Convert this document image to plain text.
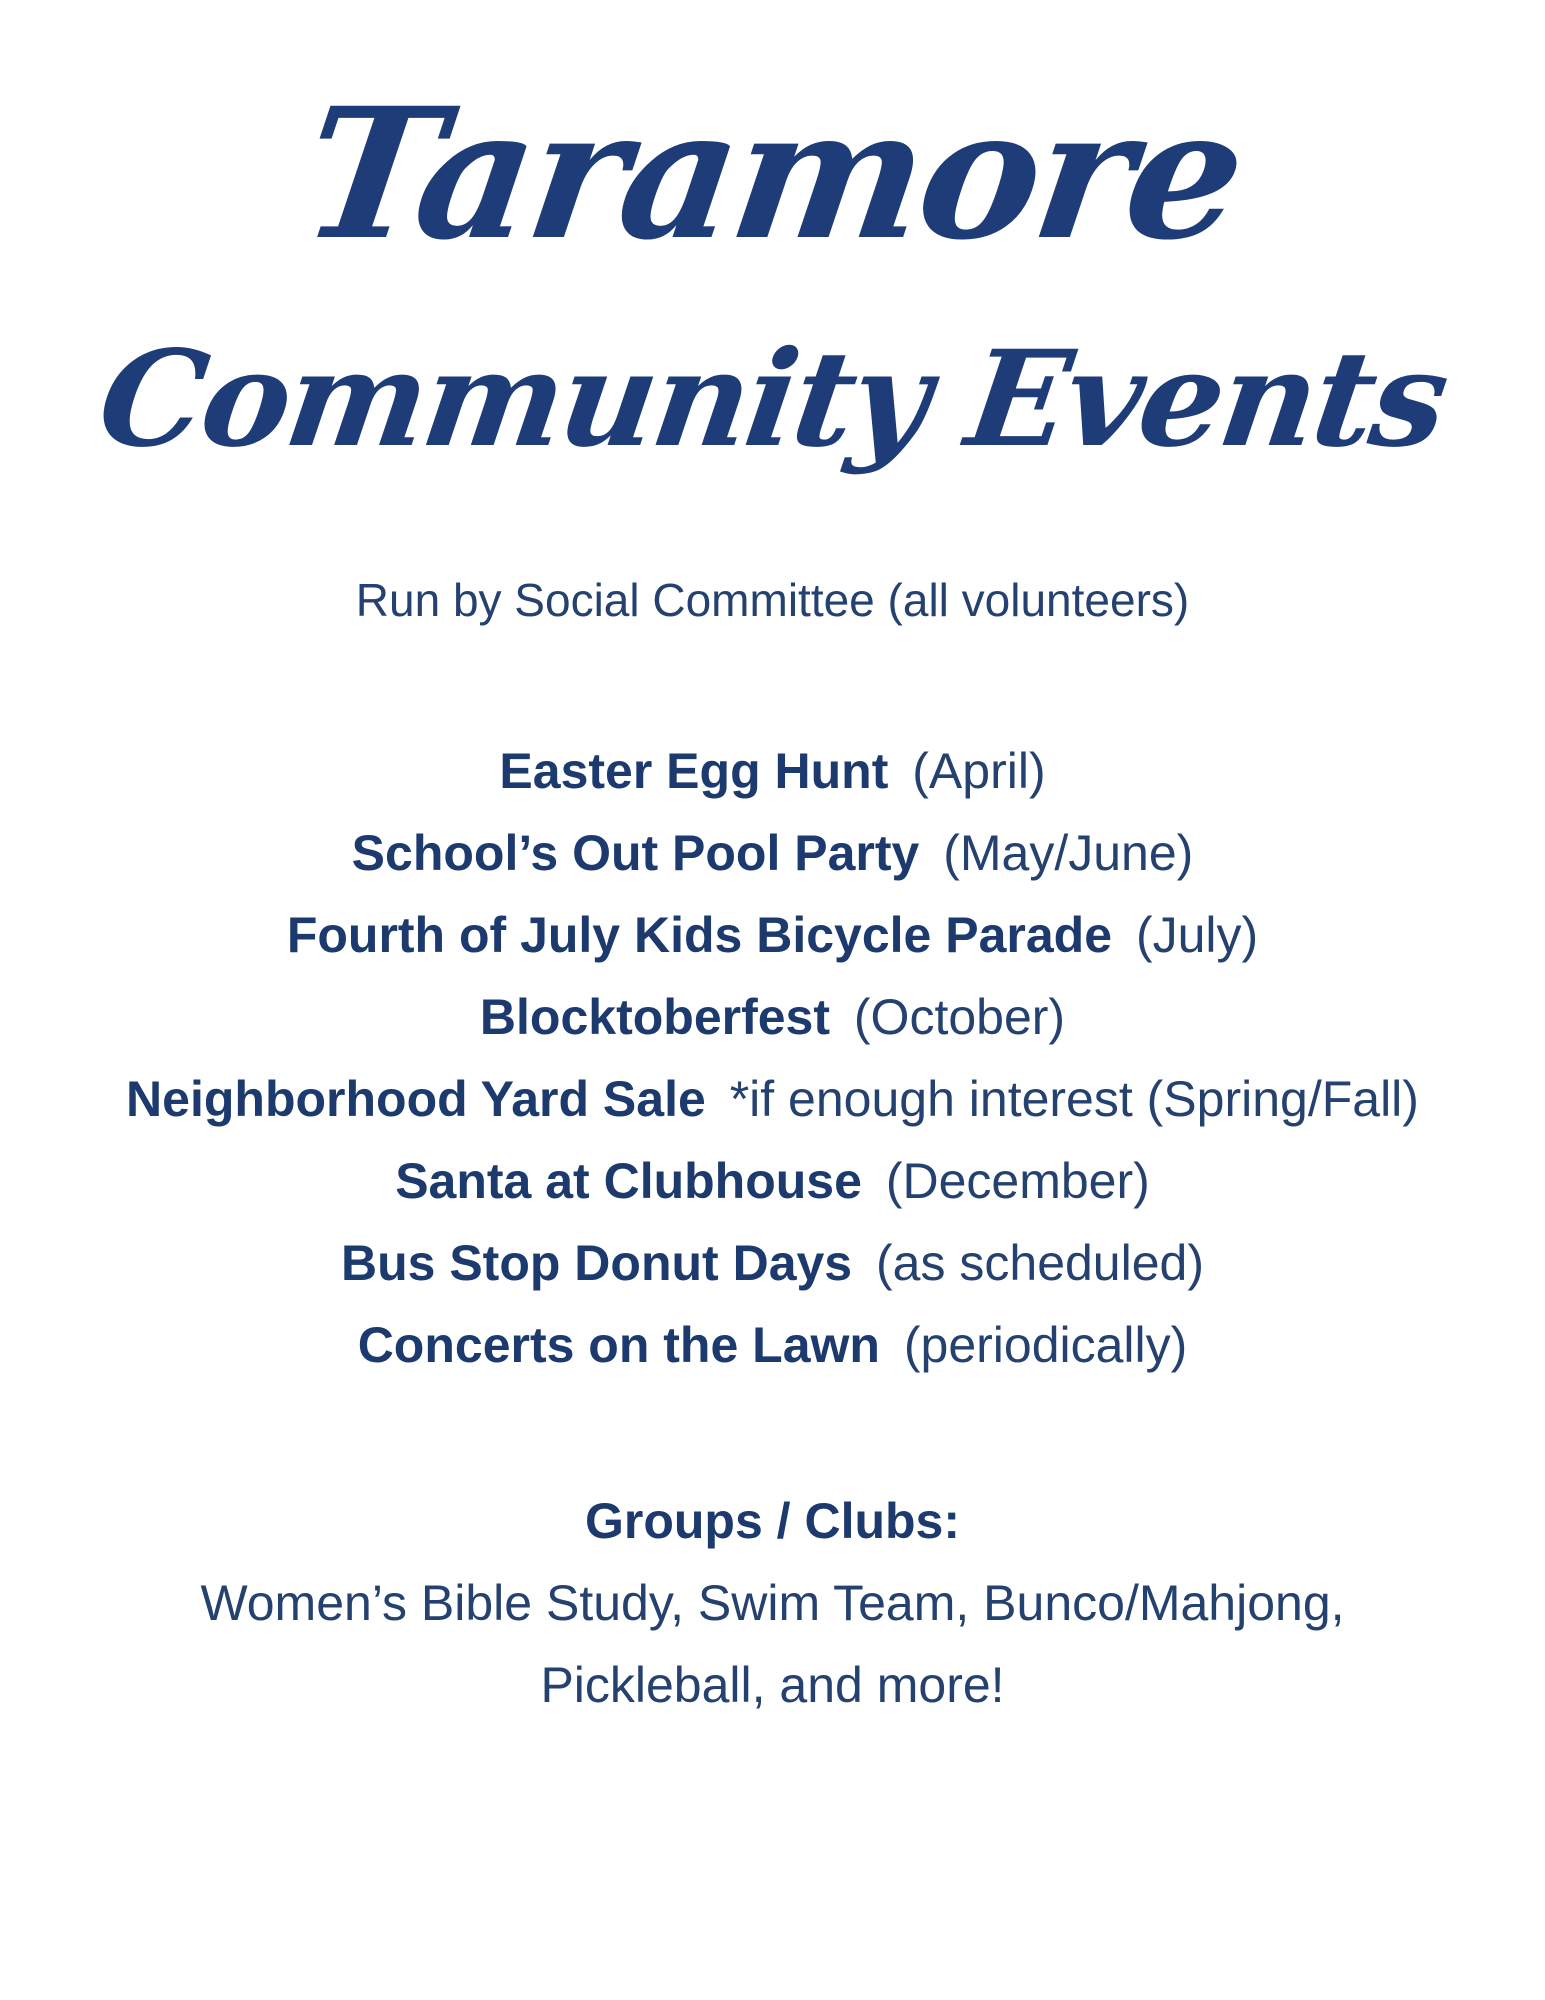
Taramore
Community Events
Run by Social Committee (all volunteers)
Easter Egg Hunt (April)
School’s Out Pool Party (May/June)
Fourth of July Kids Bicycle Parade (July)
Blocktoberfest (October)
Neighborhood Yard Sale *if enough interest (Spring/Fall)
Santa at Clubhouse (December)
Bus Stop Donut Days (as scheduled)
Concerts on the Lawn (periodically)
Groups / Clubs:
Women’s Bible Study, Swim Team, Bunco/Mahjong,
Pickleball, and more!
